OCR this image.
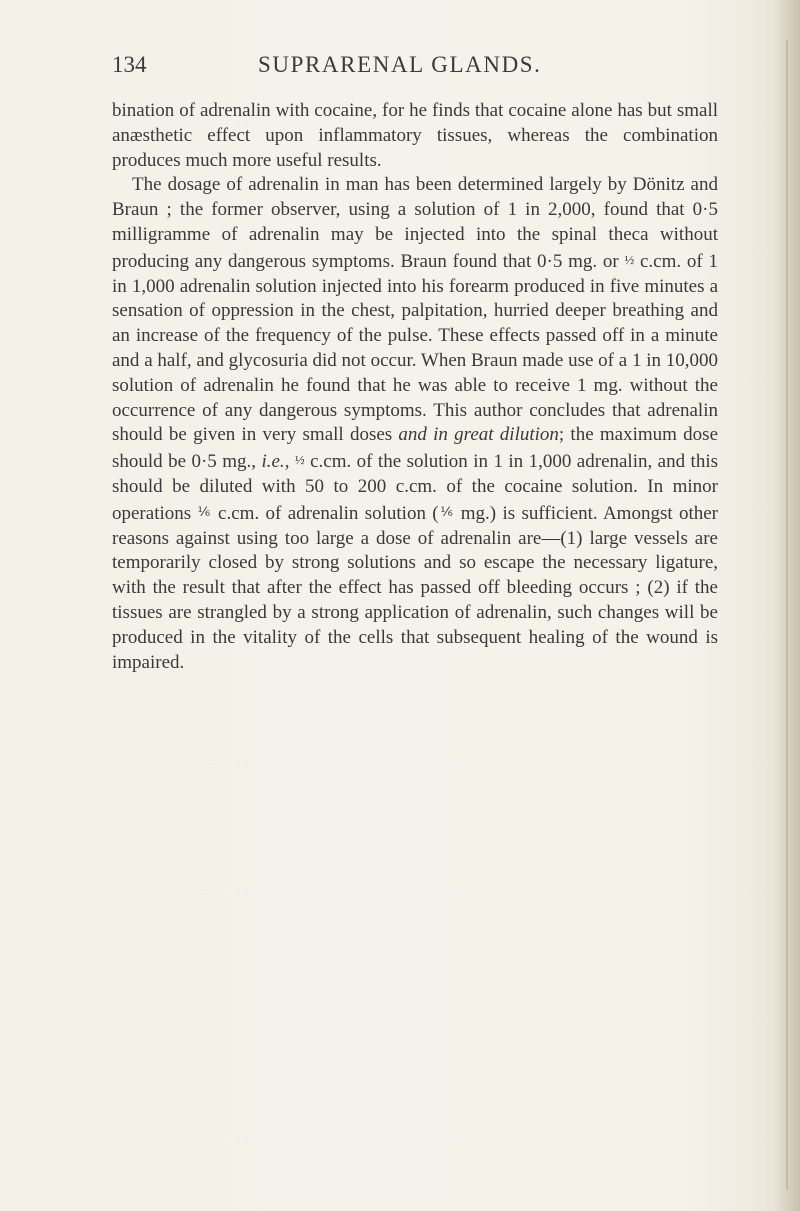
134	SUPRARENAL GLANDS.

bination of adrenalin with cocaine, for he finds that cocaine alone has but small anæsthetic effect upon inflammatory tissues, whereas the combination produces much more useful results.

The dosage of adrenalin in man has been determined largely by Dönitz and Braun ; the former observer, using a solution of 1 in 2,000, found that 0·5 milligramme of adrenalin may be injected into the spinal theca without producing any dangerous symptoms. Braun found that 0·5 mg. or ½ c.cm. of 1 in 1,000 adrenalin solution injected into his forearm produced in five minutes a sensation of oppression in the chest, palpitation, hurried deeper breathing and an increase of the frequency of the pulse. These effects passed off in a minute and a half, and glycosuria did not occur. When Braun made use of a 1 in 10,000 solution of adrenalin he found that he was able to receive 1 mg. without the occurrence of any dangerous symptoms. This author concludes that adrenalin should be given in very small doses and in great dilution; the maximum dose should be 0·5 mg., i.e., ½ c.cm. of the solution in 1 in 1,000 adrenalin, and this should be diluted with 50 to 200 c.cm. of the cocaine solution. In minor operations ⅙ c.cm. of adrenalin solution (⅙ mg.) is sufficient. Amongst other reasons against using too large a dose of adrenalin are—(1) large vessels are temporarily closed by strong solutions and so escape the necessary ligature, with the result that after the effect has passed off bleeding occurs ; (2) if the tissues are strangled by a strong application of adrenalin, such changes will be produced in the vitality of the cells that subsequent healing of the wound is impaired.
